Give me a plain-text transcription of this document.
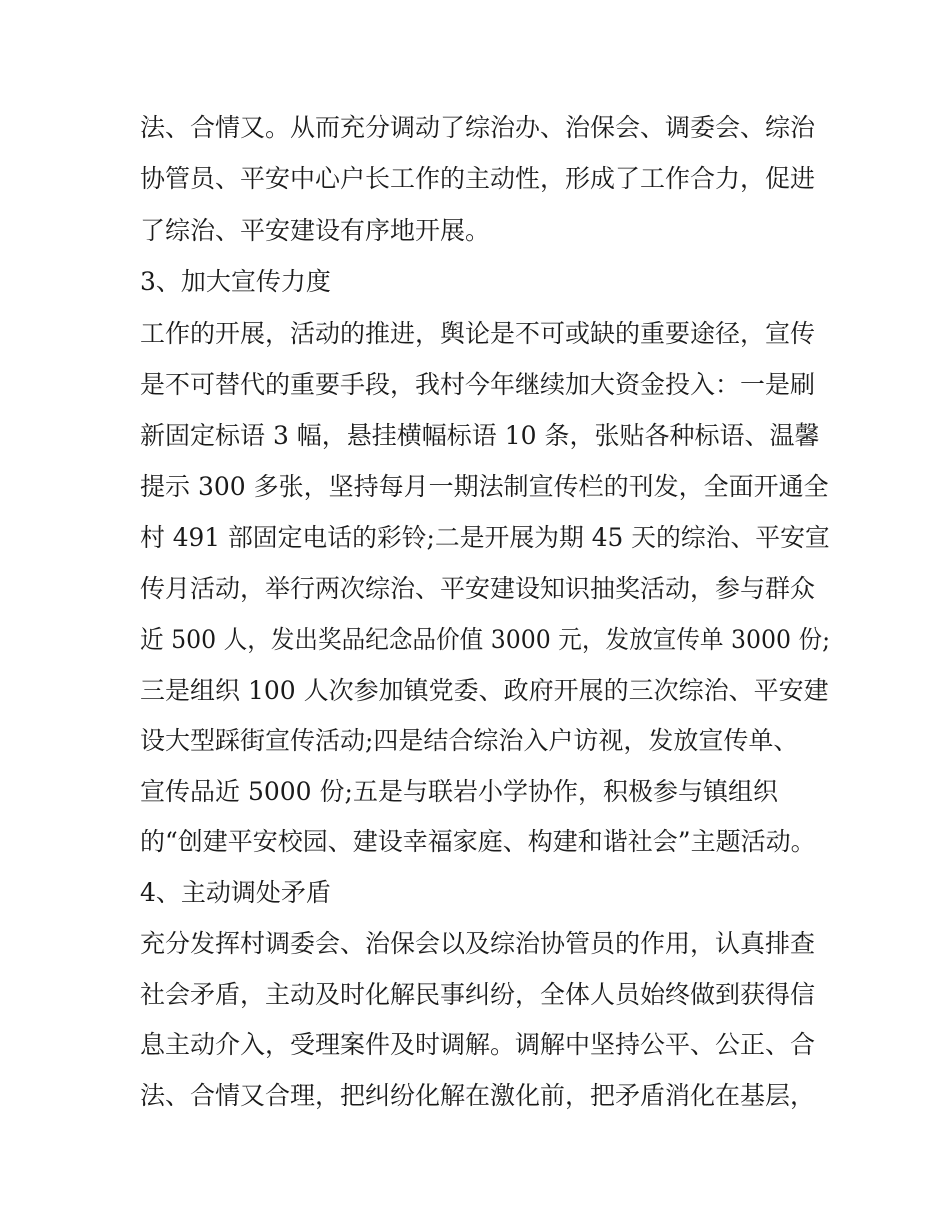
法、合情又。从而充分调动了综治办、治保会、调委会、综治
协管员、平安中心户长工作的主动性，形成了工作合力，促进
了综治、平安建设有序地开展。
3、加大宣传力度
工作的开展，活动的推进，舆论是不可或缺的重要途径，宣传
是不可替代的重要手段，我村今年继续加大资金投入：一是刷
新固定标语 3 幅，悬挂横幅标语 10 条，张贴各种标语、温馨
提示 300 多张，坚持每月一期法制宣传栏的刊发，全面开通全
村 491 部固定电话的彩铃;二是开展为期 45 天的综治、平安宣
传月活动，举行两次综治、平安建设知识抽奖活动，参与群众
近 500 人，发出奖品纪念品价值 3000 元，发放宣传单 3000 份;
三是组织 100 人次参加镇党委、政府开展的三次综治、平安建
设大型踩街宣传活动;四是结合综治入户访视，发放宣传单、
宣传品近 5000 份;五是与联岩小学协作，积极参与镇组织
的“创建平安校园、建设幸福家庭、构建和谐社会”主题活动。
4、主动调处矛盾
充分发挥村调委会、治保会以及综治协管员的作用，认真排查
社会矛盾，主动及时化解民事纠纷，全体人员始终做到获得信
息主动介入，受理案件及时调解。调解中坚持公平、公正、合
法、合情又合理，把纠纷化解在激化前，把矛盾消化在基层，
